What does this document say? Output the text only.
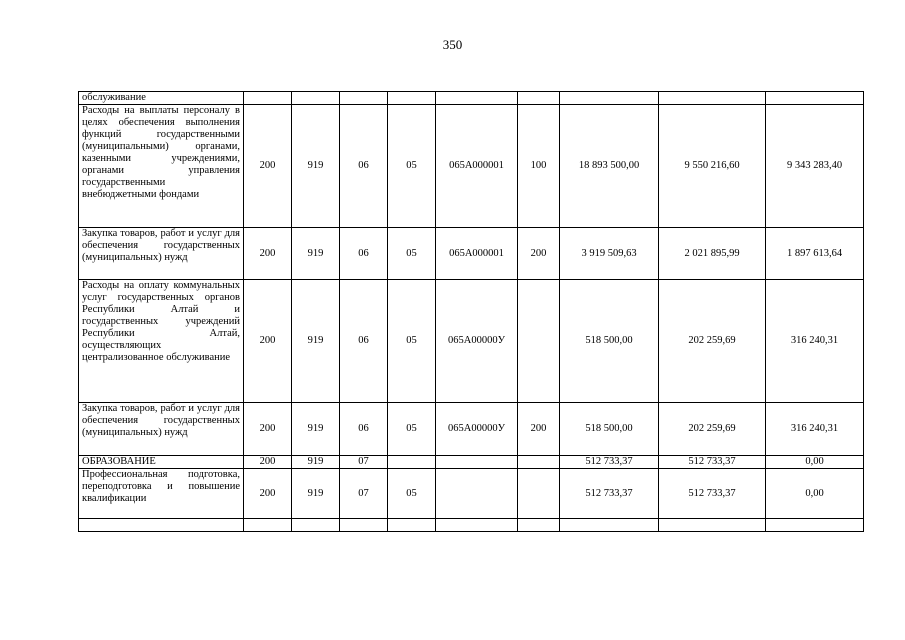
350
обслуживание									
Расходы на выплаты персоналу в целях обеспечения выполнения функций государственными (муниципальными) органами, казенными учреждениями, органами управления государственными внебюджетными фондами	200	919	06	05	065А000001	100	18 893 500,00	9 550 216,60	9 343 283,40
Закупка товаров, работ и услуг для обеспечения государственных (муниципальных) нужд	200	919	06	05	065А000001	200	3 919 509,63	2 021 895,99	1 897 613,64
Расходы на оплату коммунальных услуг государственных органов Республики Алтай и государственных учреждений Республики Алтай, осуществляющих централизованное обслуживание	200	919	06	05	065А00000У		518 500,00	202 259,69	316 240,31
Закупка товаров, работ и услуг для обеспечения государственных (муниципальных) нужд	200	919	06	05	065А00000У	200	518 500,00	202 259,69	316 240,31
ОБРАЗОВАНИЕ	200	919	07				512 733,37	512 733,37	0,00
Профессиональная подготовка, переподготовка и повышение квалификации	200	919	07	05			512 733,37	512 733,37	0,00
